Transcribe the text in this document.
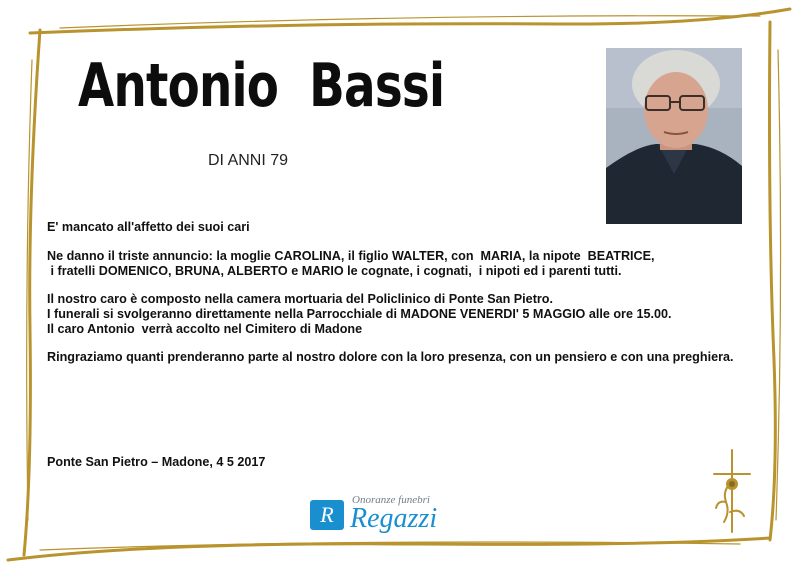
Antonio  Bassi
DI ANNI 79
E' mancato all'affetto dei suoi cari
Ne danno il triste annuncio: la moglie CAROLINA, il figlio WALTER, con  MARIA, la nipote  BEATRICE,
i fratelli DOMENICO, BRUNA, ALBERTO e MARIO le cognate, i cognati,  i nipoti ed i parenti tutti.
Il nostro caro è composto nella camera mortuaria del Policlinico di Ponte San Pietro.
I funerali si svolgeranno direttamente nella Parrocchiale di MADONE VENERDI' 5 MAGGIO alle ore 15.00.
Il caro Antonio  verrà accolto nel Cimitero di Madone
Ringraziamo quanti prenderanno parte al nostro dolore con la loro presenza, con un pensiero e con una preghiera.
Ponte San Pietro – Madone, 4 5 2017
R
Onoranze funebri
Regazzi
